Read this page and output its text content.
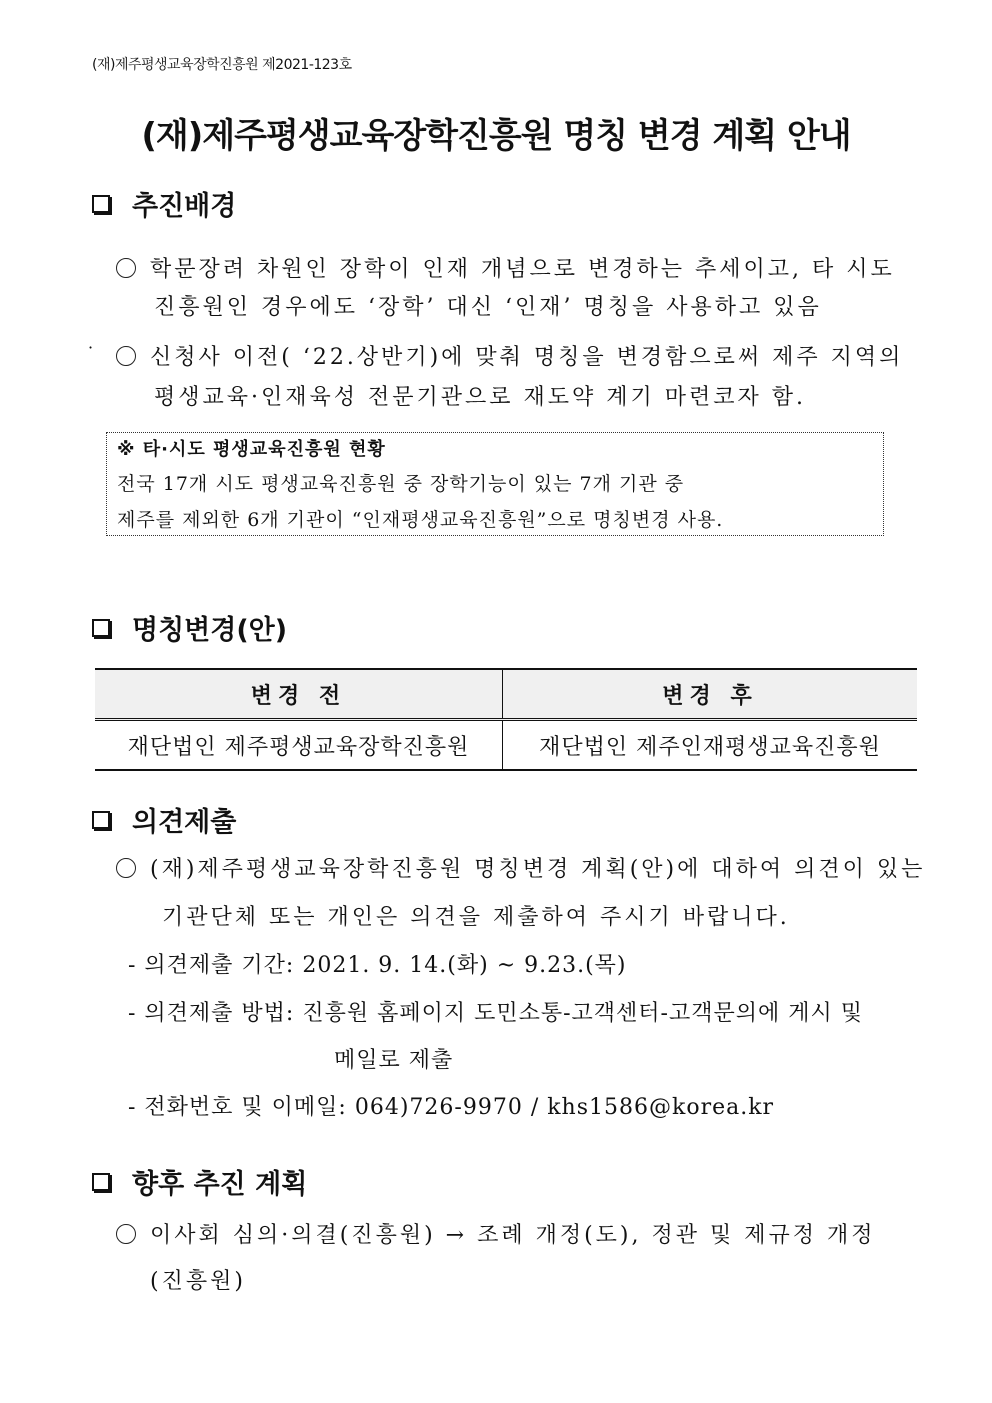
(재)제주평생교육장학진흥원 제2021-123호
(재)제주평생교육장학진흥원 명칭 변경 계획 안내
추진배경
학문장려 차원인 장학이 인재 개념으로 변경하는 추세이고, 타 시도
진흥원인 경우에도 ‘장학’ 대신 ‘인재’ 명칭을 사용하고 있음
·	신청사 이전( ‘22.상반기)에 맞춰 명칭을 변경함으로써 제주 지역의
평생교육·인재육성 전문기관으로 재도약 계기 마련코자 함.
※ 타·시도 평생교육진흥원 현황
전국 17개 시도 평생교육진흥원 중 장학기능이 있는 7개 기관 중
제주를 제외한 6개 기관이 “인재평생교육진흥원”으로 명칭변경 사용.
명칭변경(안)
변경 전	변경 후
재단법인 제주평생교육장학진흥원	재단법인 제주인재평생교육진흥원
의견제출
(재)제주평생교육장학진흥원 명칭변경 계획(안)에 대하여 의견이 있는
기관단체 또는 개인은 의견을 제출하여 주시기 바랍니다.
- 의견제출 기간: 2021. 9. 14.(화) ~ 9.23.(목)
- 의견제출 방법: 진흥원 홈페이지 도민소통-고객센터-고객문의에 게시 및
메일로 제출
- 전화번호 및 이메일: 064)726-9970 / khs1586@korea.kr
향후 추진 계획
이사회 심의·의결(진흥원) → 조례 개정(도), 정관 및 제규정 개정
(진흥원)
